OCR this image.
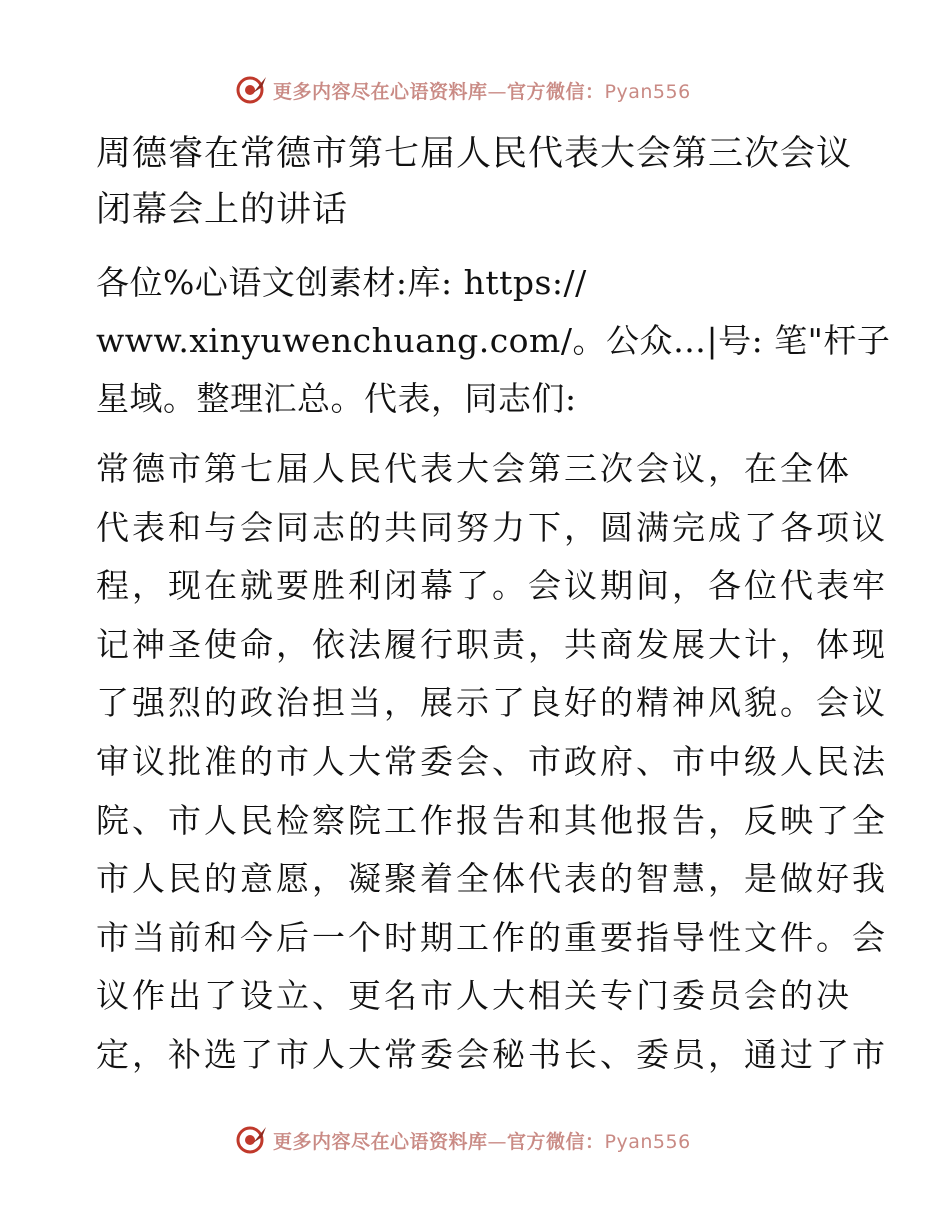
更多内容尽在心语资料库—官方微信：Pyan556
周德睿在常德市第七届人民代表大会第三次会议
闭幕会上的讲话
各位%心语文创素材:库: https://
www.xinyuwenchuang.com/。公众…|号: 笔"杆子
星域。整理汇总。代表，同志们:
常德市第七届人民代表大会第三次会议，在全体
代表和与会同志的共同努力下，圆满完成了各项议
程，现在就要胜利闭幕了。会议期间，各位代表牢
记神圣使命，依法履行职责，共商发展大计，体现
了强烈的政治担当，展示了良好的精神风貌。会议
审议批准的市人大常委会、市政府、市中级人民法
院、市人民检察院工作报告和其他报告，反映了全
市人民的意愿，凝聚着全体代表的智慧，是做好我
市当前和今后一个时期工作的重要指导性文件。会
议作出了设立、更名市人大相关专门委员会的决
定，补选了市人大常委会秘书长、委员，通过了市
更多内容尽在心语资料库—官方微信：Pyan556
